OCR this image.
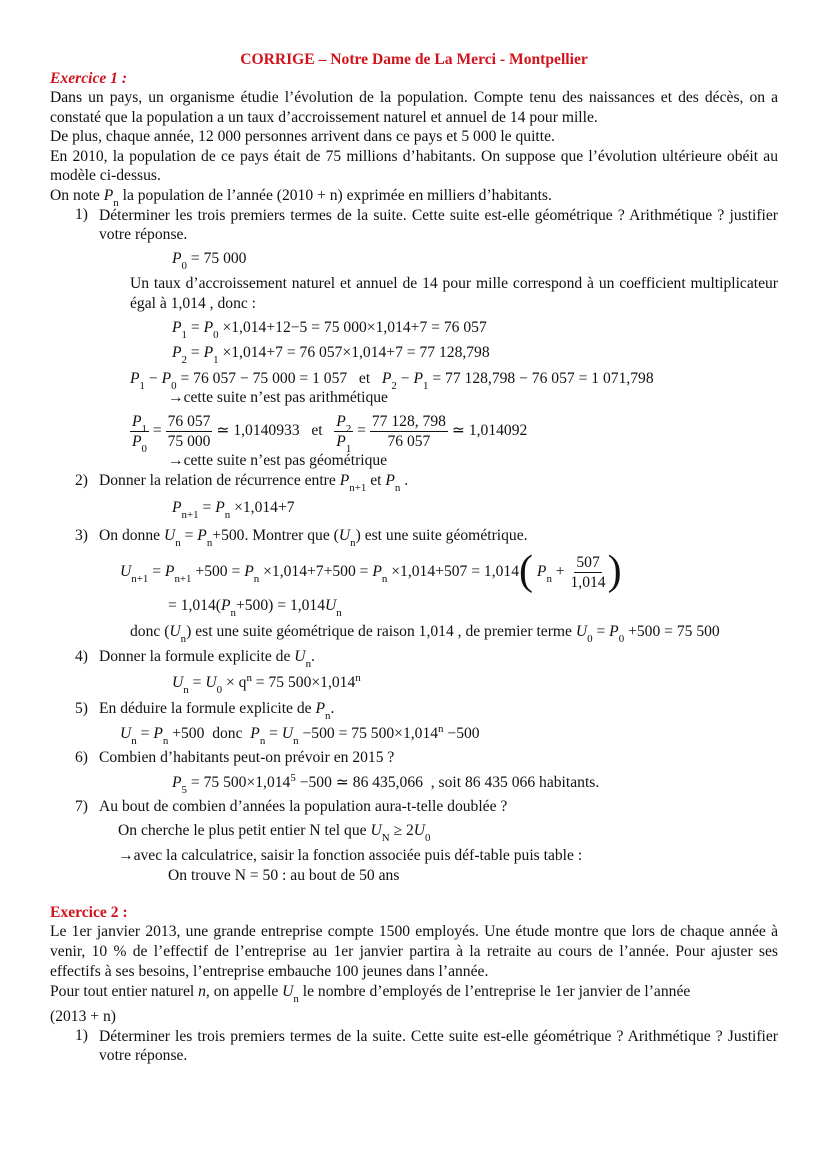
CORRIGE – Notre Dame de La Merci - Montpellier
Exercice 1 :

Dans un pays, un organisme étudie l’évolution de la population. Compte tenu des naissances et des décès, on a constaté que la population a un taux d’accroissement naturel et annuel de 14 pour mille.

De plus, chaque année, 12 000 personnes arrivent dans ce pays et 5 000 le quitte.

En 2010, la population de ce pays était de 75 millions d’habitants. On suppose que l’évolution ultérieure obéit au modèle ci-dessus.

On note $P_n$ la population de l’année (2010 + n) exprimée en milliers d’habitants.
1) Déterminer les trois premiers termes de la suite. Cette suite est-elle géométrique ? Arithmétique ? justifier votre réponse.

$P_0 = 75$ 000

Un taux d’accroissement naturel et annuel de 14 pour mille correspond à un coefficient multiplicateur égal à 1,014 , donc :

$P_1 = P_0 \times 1,014+12-5 = 75$ 000×1,014+7 = 76 057
$P_2 = P_1 \times 1,014+7 = 76$ 057×1,014+7 = 77 128,798
$P_1 - P_0 = 76$ 057 − 75 000 = 1 057 et $P_2 - P_1 = 77$ 128,798 − 76 057 = 1 071,798
→cette suite n’est pas arithmétique
$\frac{P_1}{P_0} = \frac{76 057}{75 000}$ ≃ 1,0140933 et $\frac{P_2}{P_1} = \frac{77 128, 798}{76 057}$ ≃ 1,014092
→cette suite n’est pas géométrique
2) Donner la relation de récurrence entre $P_{n+1}$ et $P_n$ .
$P_{n+1} = P_n \times 1,014+7$
3) On donne $U_n = P_n+500$. Montrer que $(U_n)$ est une suite géométrique.
$U_{n+1} = P_{n+1} +500 = P_n \times 1,014+7+500 = P_n \times 1,014+507 = 1,014$( $P_n + \frac{507}{1,014}$ )
= $1,014(P_n+500) = 1,014U_n$
donc $(U_n)$ est une suite géométrique de raison 1,014 , de premier terme $U_0 = P_0 +500 = 75$ 500
4) Donner la formule explicite de $U_n$.
$U_n = U_0 \times q^n = 75$ $500\times 1,014^n$
5) En déduire la formule explicite de $P_n$.
$U_n = P_n +500$ donc $P_n = U_n -500 = 75$ $500\times 1,014^n -500$
6) Combien d’habitants peut-on prévoir en 2015 ?
$P_5 = 75$ $500\times 1,014^5 -500$ ≃ 86 435,066 , soit 86 435 066 habitants.
7) Au bout de combien d’années la population aura-t-telle doublée ?
On cherche le plus petit entier N tel que $U_N \ge 2U_0$
→avec la calculatrice, saisir la fonction associée puis déf-table puis table :
On trouve N = 50 : au bout de 50 ans
Exercice 2 :

Le 1er janvier 2013, une grande entreprise compte 1500 employés. Une étude montre que lors de chaque année à venir, 10 % de l’effectif de l’entreprise au 1er janvier partira à la retraite au cours de l’année. Pour ajuster ses effectifs à ses besoins, l’entreprise embauche 100 jeunes dans l’année.

Pour tout entier naturel n, on appelle $U_n$ le nombre d’employés de l’entreprise le 1er janvier de l’année

(2013 + n)
1) Déterminer les trois premiers termes de la suite. Cette suite est-elle géométrique ? Arithmétique ? Justifier votre réponse.
